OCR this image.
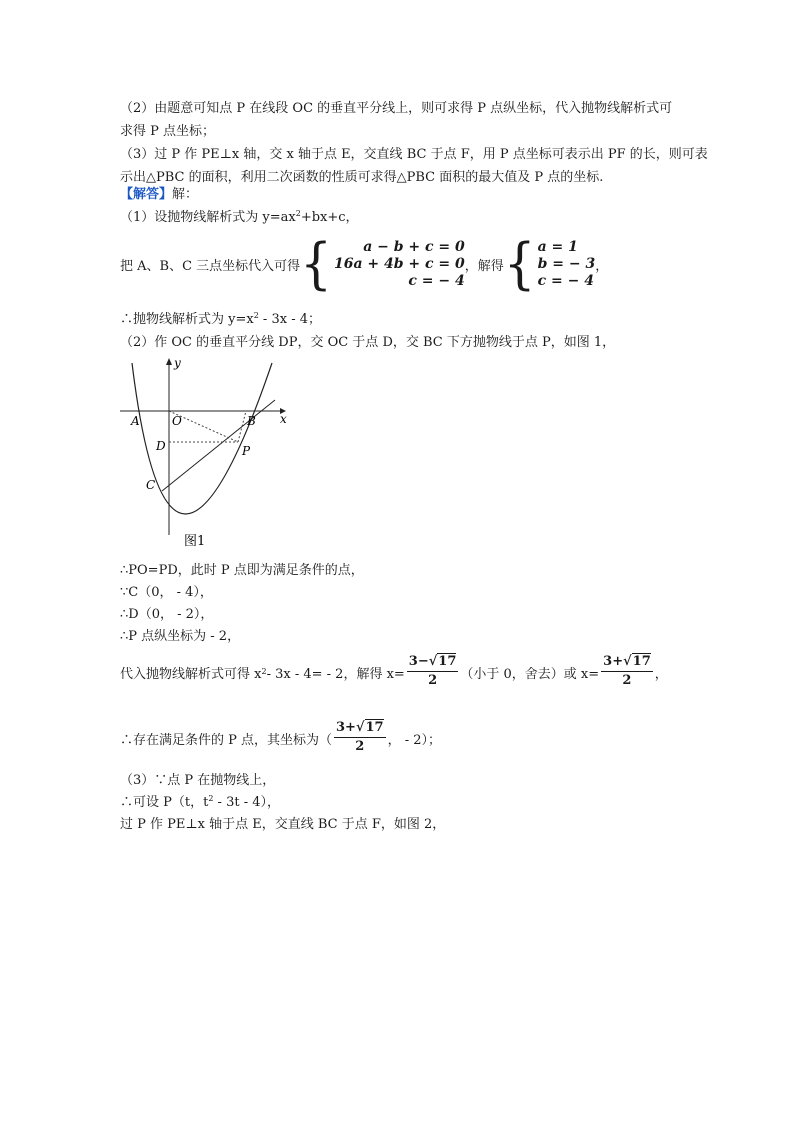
（2）由题意可知点 P 在线段 OC 的垂直平分线上，则可求得 P 点纵坐标，代入抛物线解析式可
求得 P 点坐标；
（3）过 P 作 PE⊥x 轴，交 x 轴于点 E，交直线 BC 于点 F，用 P 点坐标可表示出 PF 的长，则可表
示出△PBC 的面积，利用二次函数的性质可求得△PBC 面积的最大值及 P 点的坐标.
【解答】解：
（1）设抛物线解析式为 $y=ax^2+bx+c$，
把 A、B、C 三点坐标代入可得 { a − b + c = 0
16a + 4b + c = 0
c = − 4
，解得 { a = 1
b = − 3
c = − 4
，
∴抛物线解析式为 $y=x^2 - 3x - 4$；
（2）作 OC 的垂直平分线 DP，交 OC 于点 D，交 BC 下方抛物线于点 P，如图 1，
y
x
A	O	B
D	P
C
图1
∴PO=PD，此时 P 点即为满足条件的点，
∵C（0， - 4），
∴D（0， - 2），
∴P 点纵坐标为 - 2，
代入抛物线解析式可得 x 2 - 3x - 4= - 2，解得 $x= \frac{3-√17}{2}$ （小于 0，舍去）或 $x= \frac{3+√17}{2}$ ，
∴存在满足条件的 P 点，其坐标为（ $\frac{3+√17}{2}$ ， - 2）；
（3）∵点 P 在抛物线上，
∴可设 P（t，$t^2 - 3t - 4$），
过 P 作 PE⊥x 轴于点 E，交直线 BC 于点 F，如图 2，
